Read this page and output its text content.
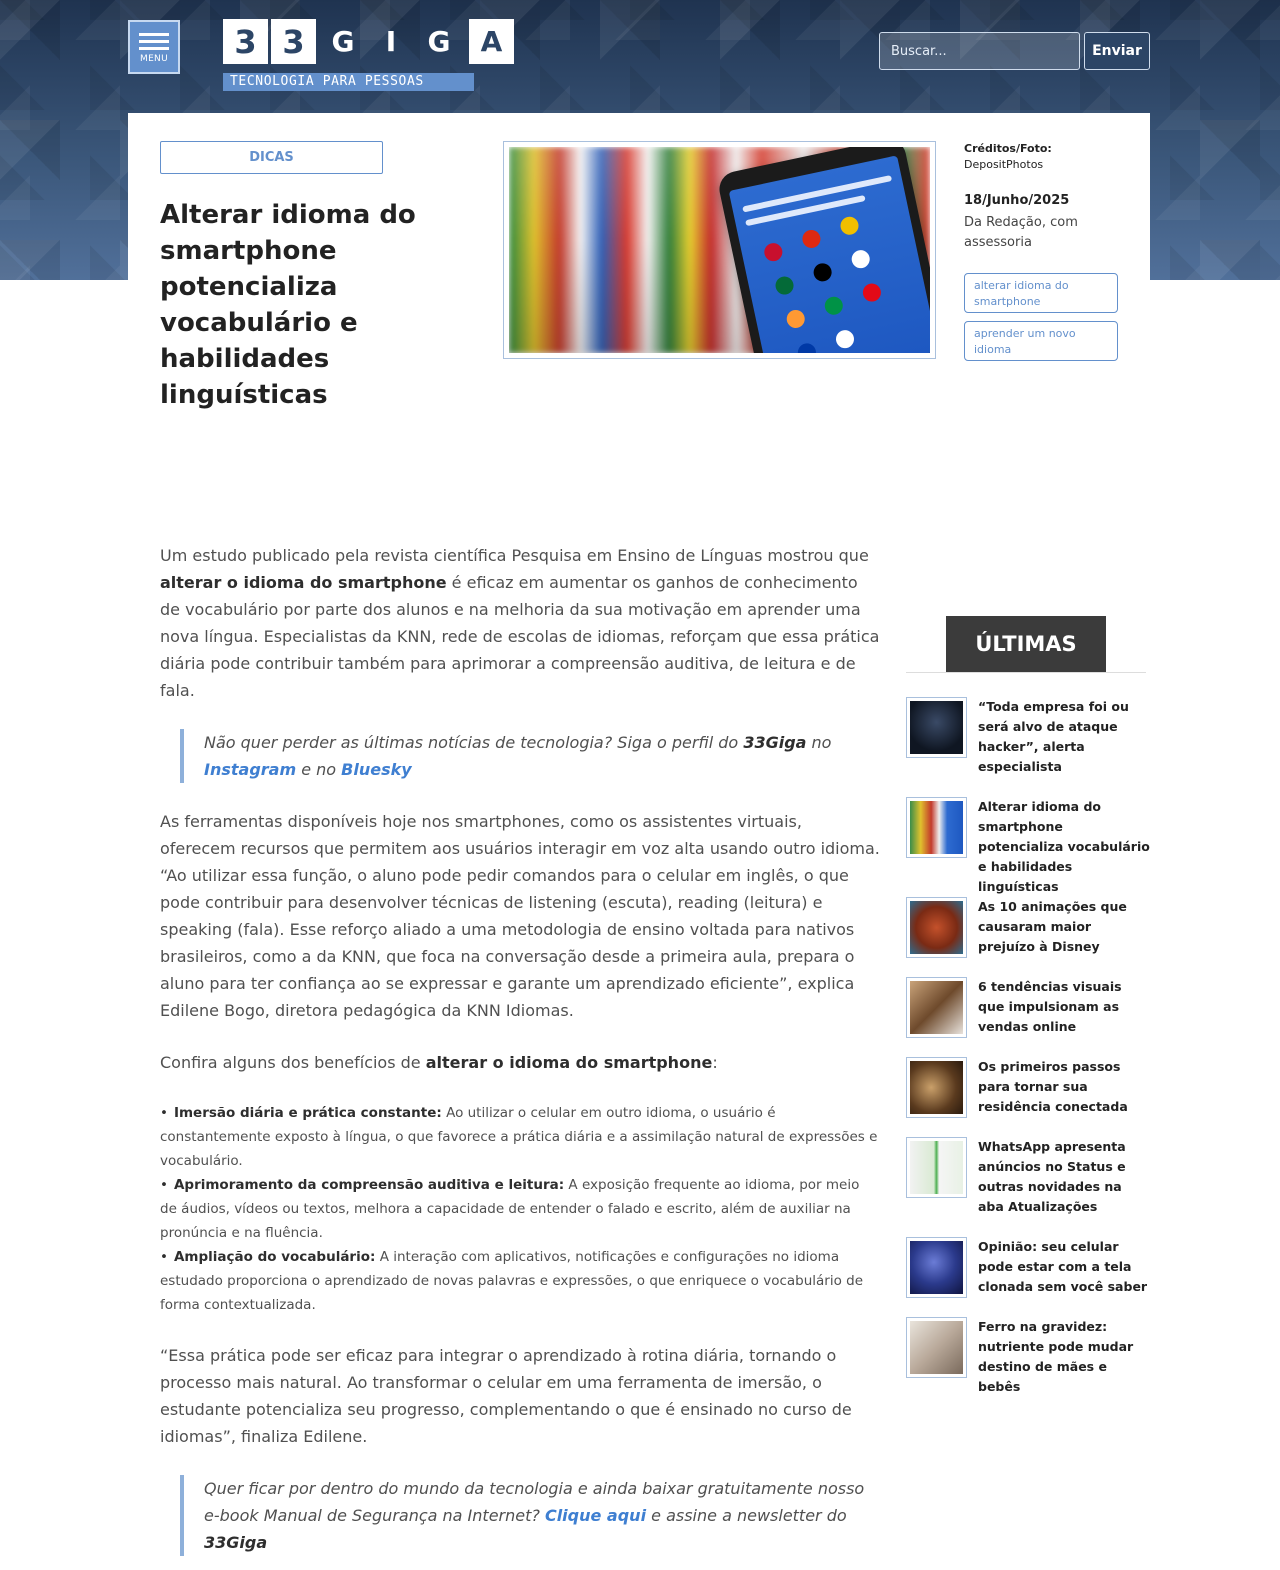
MENU	3 3 G	I	G	A
TECNOLOGIA PARA PESSOAS
Buscar...
Enviar
DICAS
Alterar idioma do smartphone potencializa vocabulário e habilidades linguísticas
Créditos/Foto:
DepositPhotos
18/Junho/2025
Da Redação, com assessoria
alterar idioma do smartphone
aprender um novo idioma

Um estudo publicado pela revista científica Pesquisa em Ensino de Línguas mostrou que alterar o idioma do smartphone é eficaz em aumentar os ganhos de conhecimento de vocabulário por parte dos alunos e na melhoria da sua motivação em aprender uma nova língua. Especialistas da KNN, rede de escolas de idiomas, reforçam que essa prática diária pode contribuir também para aprimorar a compreensão auditiva, de leitura e de fala.

Não quer perder as últimas notícias de tecnologia? Siga o perfil do 33Giga no Instagram e no Bluesky

As ferramentas disponíveis hoje nos smartphones, como os assistentes virtuais, oferecem recursos que permitem aos usuários interagir em voz alta usando outro idioma. “Ao utilizar essa função, o aluno pode pedir comandos para o celular em inglês, o que pode contribuir para desenvolver técnicas de listening (escuta), reading (leitura) e speaking (fala). Esse reforço aliado a uma metodologia de ensino voltada para nativos brasileiros, como a da KNN, que foca na conversação desde a primeira aula, prepara o aluno para ter confiança ao se expressar e garante um aprendizado eficiente”, explica Edilene Bogo, diretora pedagógica da KNN Idiomas.

Confira alguns dos benefícios de alterar o idioma do smartphone:

• Imersão diária e prática constante: Ao utilizar o celular em outro idioma, o usuário é constantemente exposto à língua, o que favorece a prática diária e a assimilação natural de expressões e vocabulário.
• Aprimoramento da compreensão auditiva e leitura: A exposição frequente ao idioma, por meio de áudios, vídeos ou textos, melhora a capacidade de entender o falado e escrito, além de auxiliar na pronúncia e na fluência.
• Ampliação do vocabulário: A interação com aplicativos, notificações e configurações no idioma estudado proporciona o aprendizado de novas palavras e expressões, o que enriquece o vocabulário de forma contextualizada.

“Essa prática pode ser eficaz para integrar o aprendizado à rotina diária, tornando o processo mais natural. Ao transformar o celular em uma ferramenta de imersão, o estudante potencializa seu progresso, complementando o que é ensinado no curso de idiomas”, finaliza Edilene.

Quer ficar por dentro do mundo da tecnologia e ainda baixar gratuitamente nosso e-book Manual de Segurança na Internet? Clique aqui e assine a newsletter do 33Giga
ÚLTIMAS
“Toda empresa foi ou será alvo de ataque hacker”, alerta especialista
Alterar idioma do smartphone potencializa vocabulário e habilidades linguísticas
As 10 animações que causaram maior prejuízo à Disney
6 tendências visuais que impulsionam as vendas online
Os primeiros passos para tornar sua residência conectada
WhatsApp apresenta anúncios no Status e outras novidades na aba Atualizações
Opinião: seu celular pode estar com a tela clonada sem você saber
Ferro na gravidez: nutriente pode mudar destino de mães e bebês
